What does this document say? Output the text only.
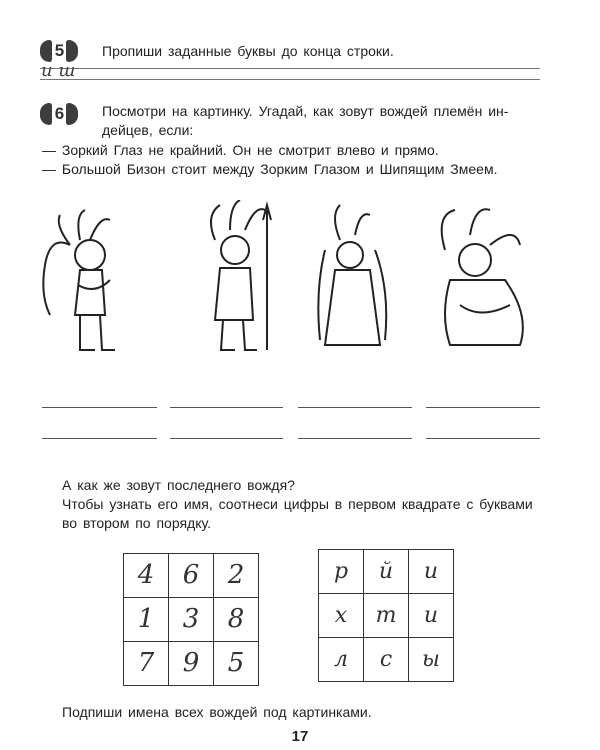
5	Пропиши заданные буквы до конца строки.
и ш
6	Посмотри на картинку. Угадай, как зовут вождей племён ин-
дейцев, если:
— Зоркий Глаз не крайний. Он не смотрит влево и прямо.
— Большой Бизон стоит между Зорким Глазом и Шипящим Змеем.
А как же зовут последнего вождя?
Чтобы узнать его имя, соотнеси цифры в первом квадрате с буквами
во втором по порядку.
4	6	2
1	3	8
7	9	5
р	й	и
х	т	и
л	с	ы
Подпиши имена всех вождей под картинками.
17
